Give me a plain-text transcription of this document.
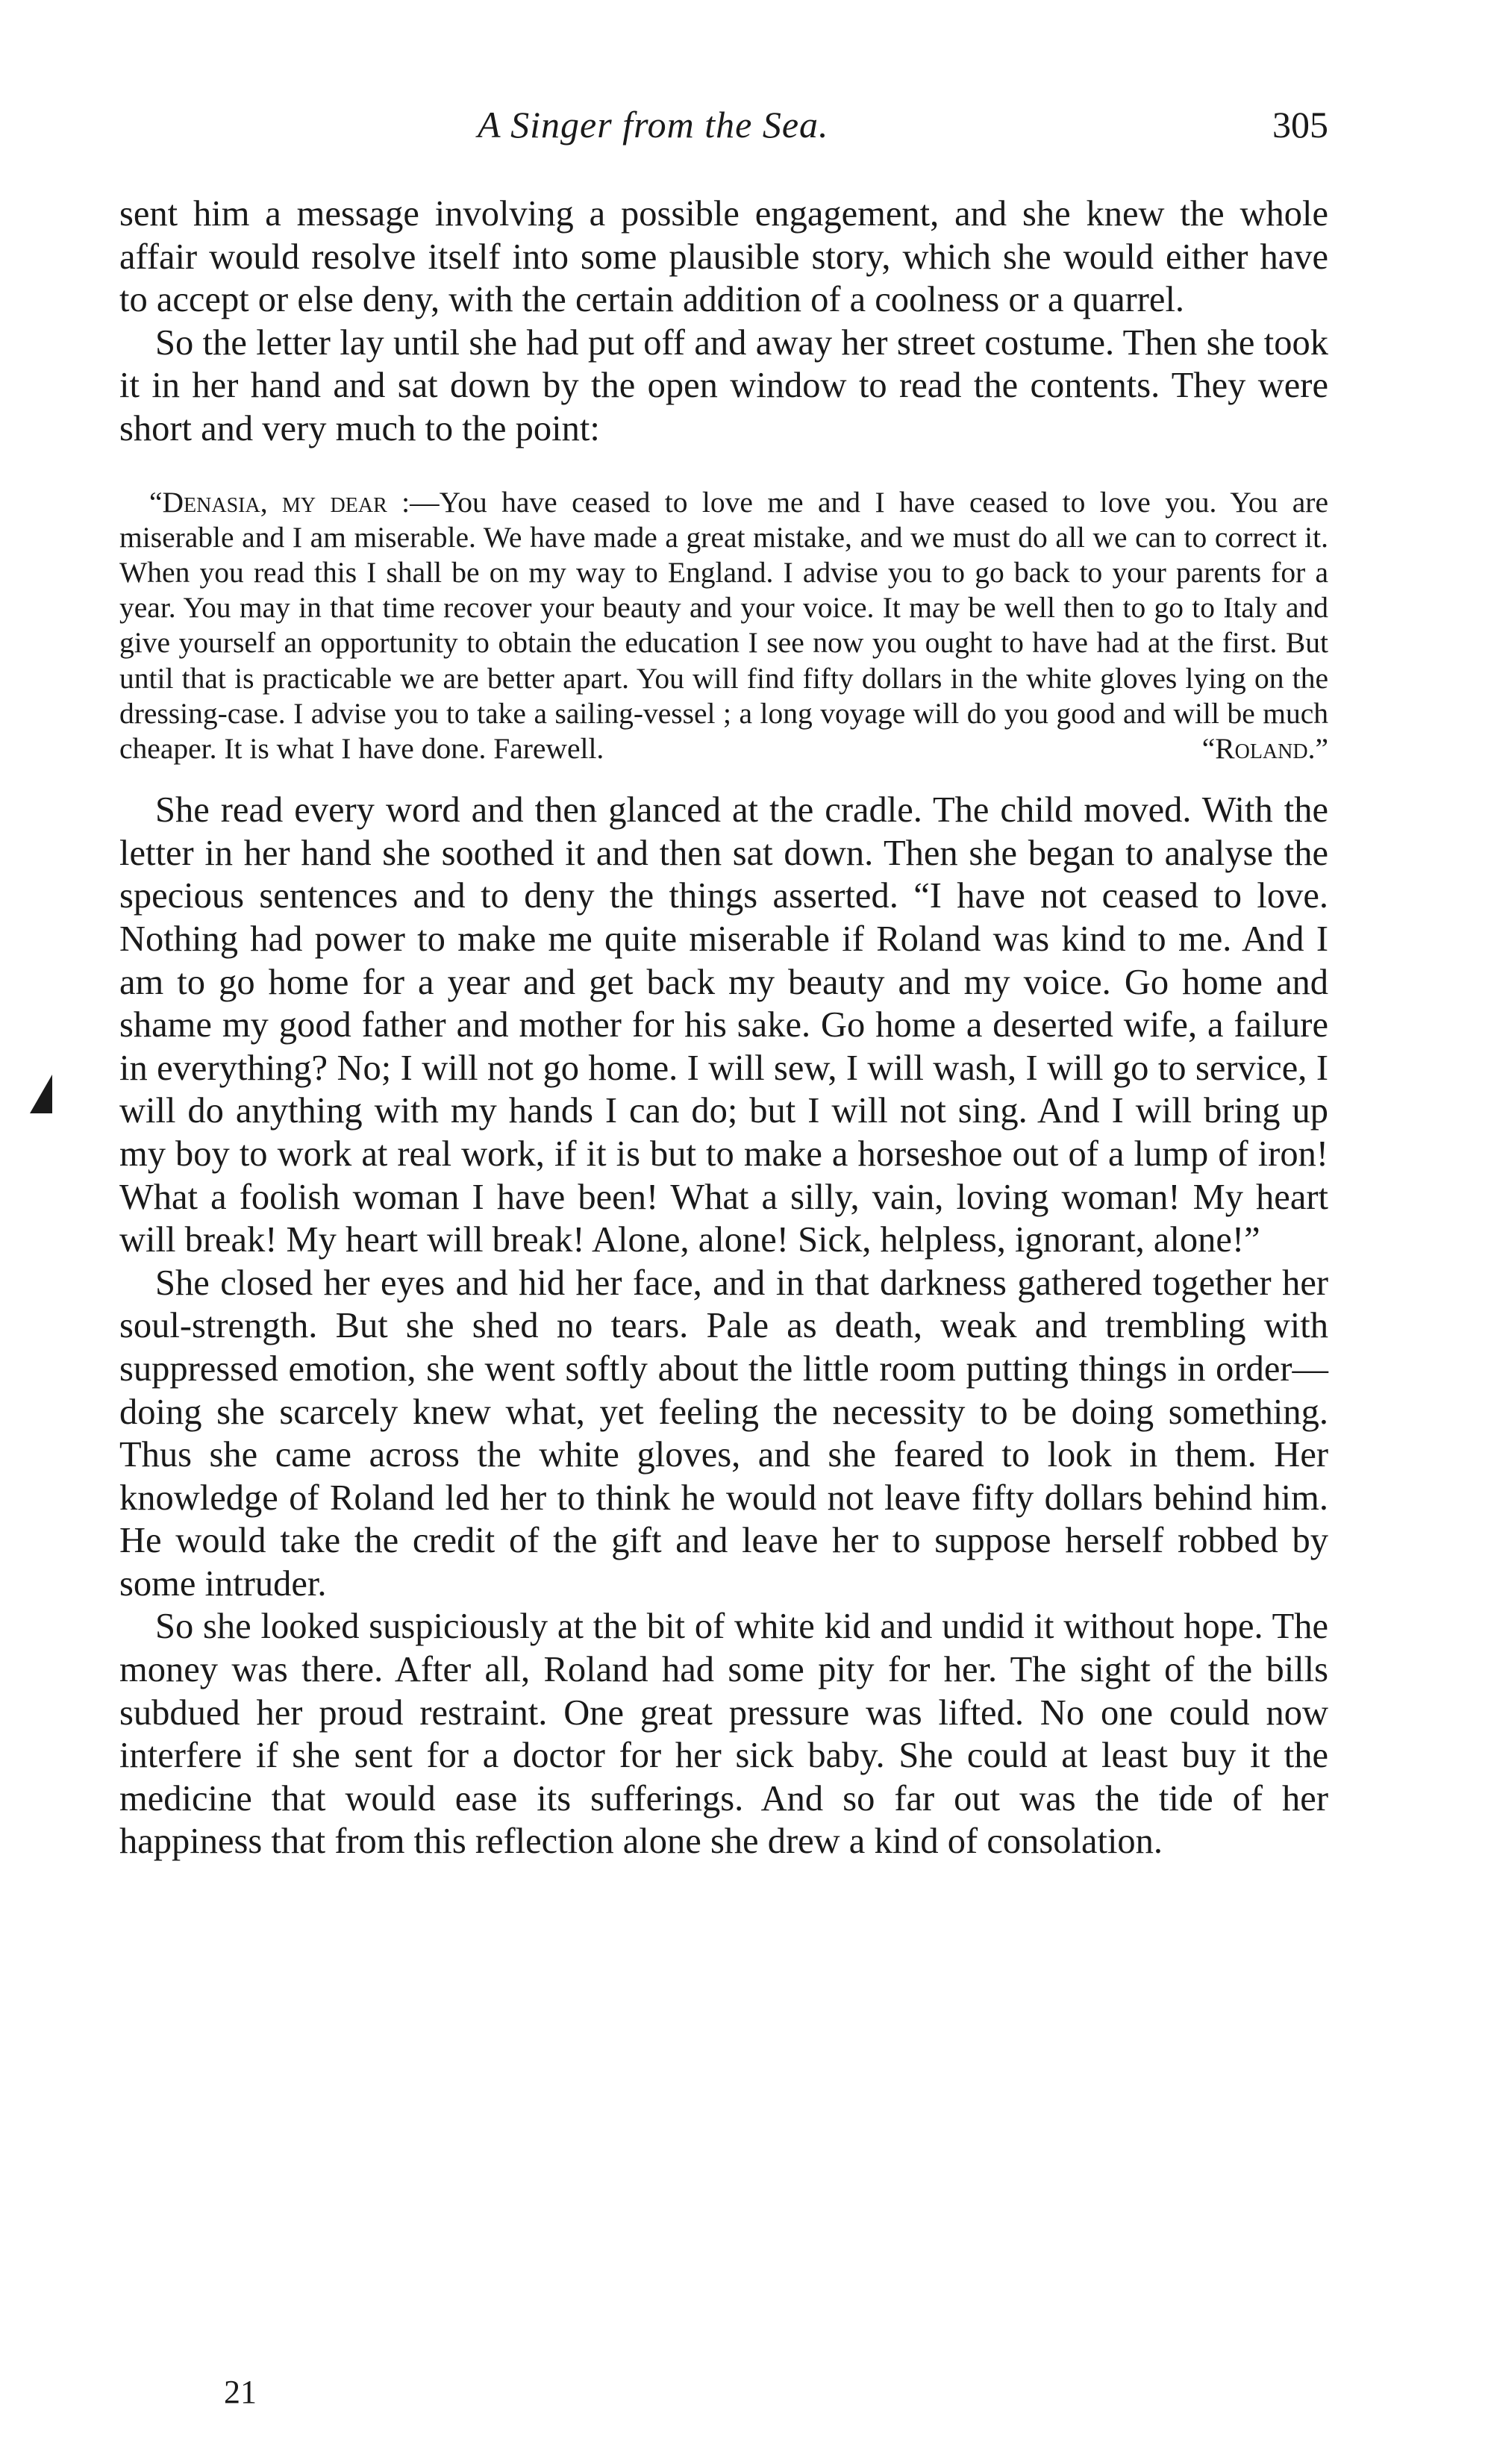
A Singer from the Sea.	305

sent him a message involving a possible engagement, and she knew the whole affair would resolve itself into some plausible story, which she would either have to accept or else deny, with the certain addition of a coolness or a quarrel.

So the letter lay until she had put off and away her street costume. Then she took it in her hand and sat down by the open window to read the contents. They were short and very much to the point:

“Denasia, my dear :—You have ceased to love me and I have ceased to love you. You are miserable and I am miserable. We have made a great mistake, and we must do all we can to correct it. When you read this I shall be on my way to England. I advise you to go back to your parents for a year. You may in that time recover your beauty and your voice. It may be well then to go to Italy and give yourself an opportunity to obtain the education I see now you ought to have had at the first. But until that is practicable we are better apart. You will find fifty dollars in the white gloves lying on the dressing-case. I advise you to take a sailing-vessel ; a long voyage will do you good and will be much cheaper. It is what I have done. Farewell.	“Roland.”

She read every word and then glanced at the cradle. The child moved. With the letter in her hand she soothed it and then sat down. Then she began to analyse the specious sentences and to deny the things asserted. “I have not ceased to love. Nothing had power to make me quite miserable if Roland was kind to me. And I am to go home for a year and get back my beauty and my voice. Go home and shame my good father and mother for his sake. Go home a deserted wife, a failure in everything? No; I will not go home. I will sew, I will wash, I will go to service, I will do anything with my hands I can do; but I will not sing. And I will bring up my boy to work at real work, if it is but to make a horseshoe out of a lump of iron! What a foolish woman I have been! What a silly, vain, loving woman! My heart will break! My heart will break! Alone, alone! Sick, helpless, ignorant, alone!”

She closed her eyes and hid her face, and in that darkness gathered together her soul-strength. But she shed no tears. Pale as death, weak and trembling with suppressed emotion, she went softly about the little room putting things in order—doing she scarcely knew what, yet feeling the necessity to be doing something. Thus she came across the white gloves, and she feared to look in them. Her knowledge of Roland led her to think he would not leave fifty dollars behind him. He would take the credit of the gift and leave her to suppose herself robbed by some intruder.

So she looked suspiciously at the bit of white kid and undid it without hope. The money was there. After all, Roland had some pity for her. The sight of the bills subdued her proud restraint. One great pressure was lifted. No one could now interfere if she sent for a doctor for her sick baby. She could at least buy it the medicine that would ease its sufferings. And so far out was the tide of her happiness that from this reflection alone she drew a kind of consolation.

21
